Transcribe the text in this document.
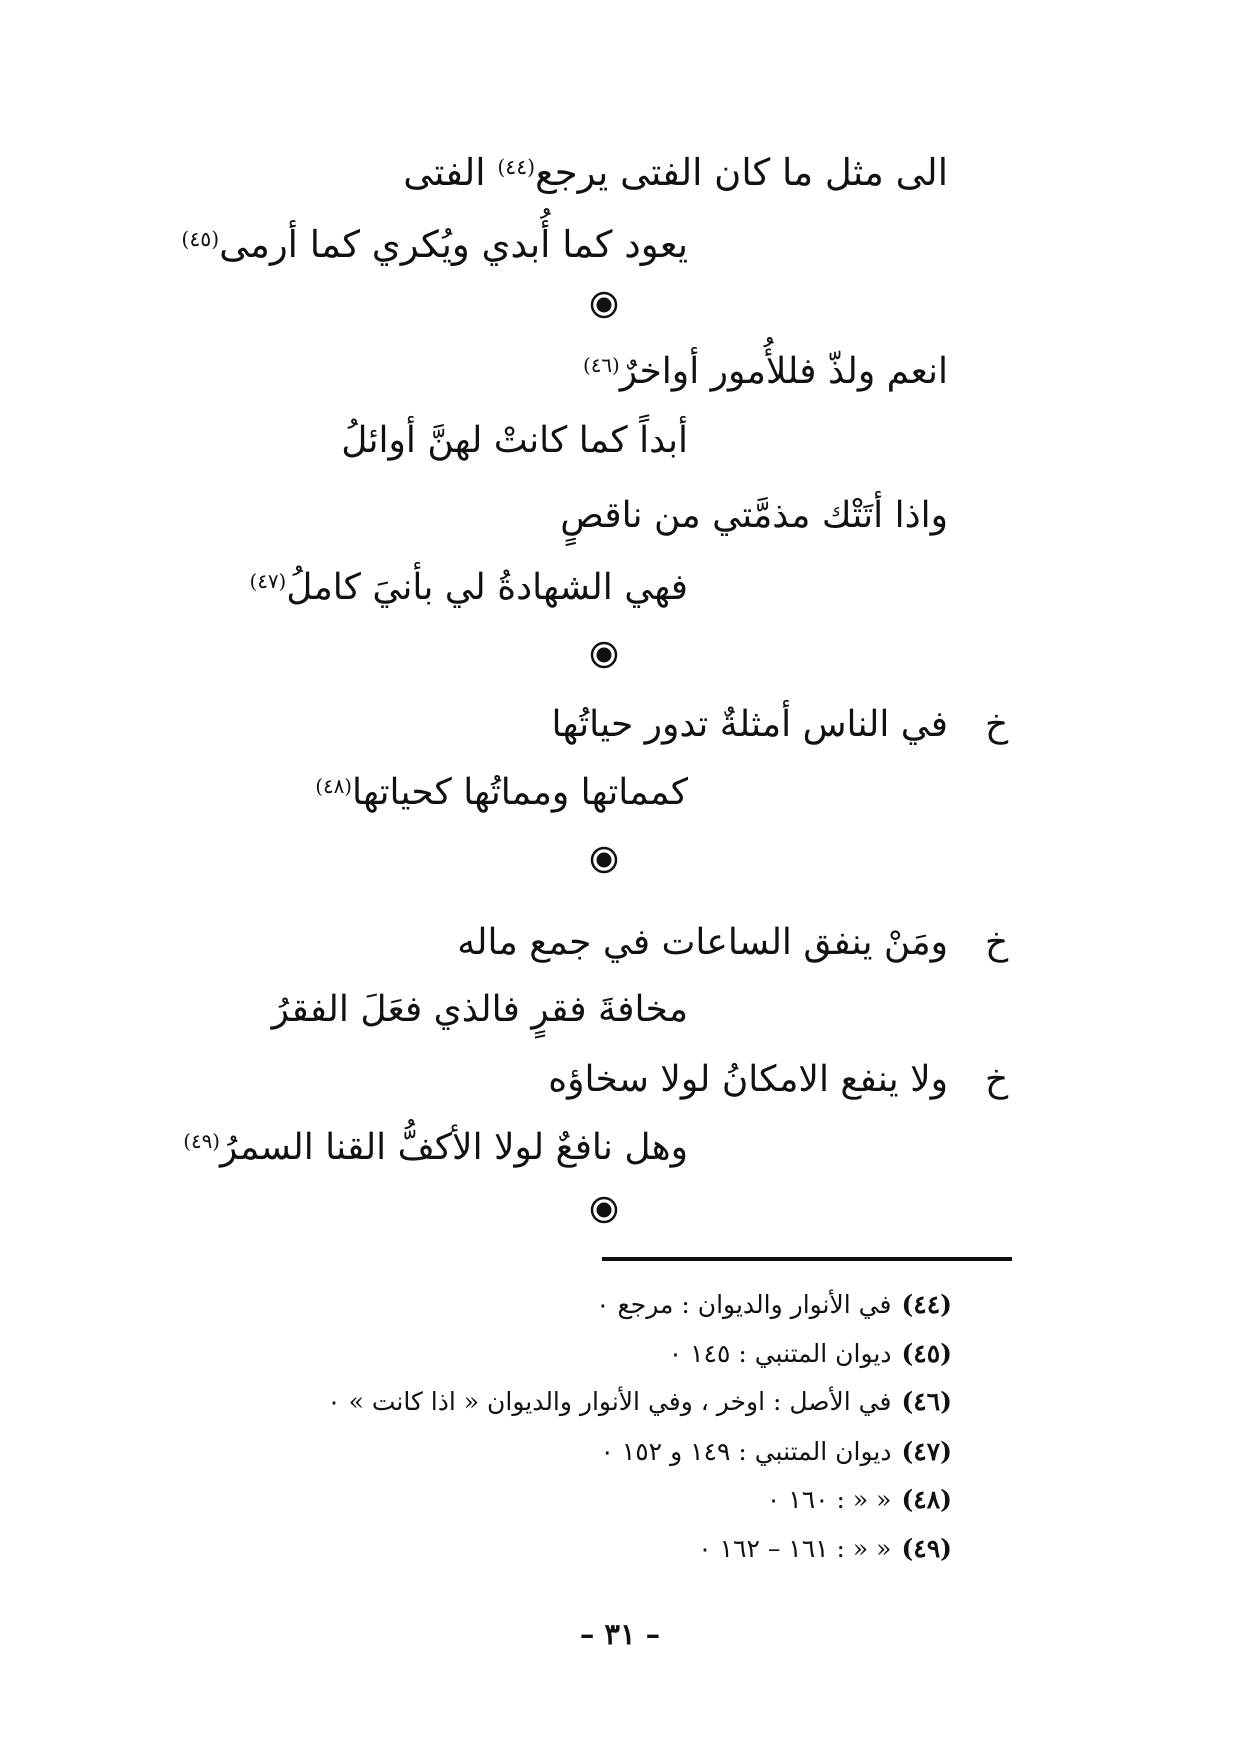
الى مثل ما كان الفتى يرجع$^{(٤٤)}$ الفتى
يعود كما أُبدي ويُكري كما أرمى$^{(٤٥)}$
انعم ولذّ فللأُمور أواخرٌ$^{(٤٦)}$
أبداً كما كانتْ لهنَّ أوائلُ
واذا أتَتْك مذمَّتي من ناقصٍ
فهي الشهادةُ لي بأنيَ كاملُ$^{(٤٧)}$
خ
في الناس أمثلةٌ تدور حياتُها
كمماتها ومماتُها كحياتها$^{(٤٨)}$
خ
ومَنْ ينفق الساعات في جمع ماله
مخافةَ فقرٍ فالذي فعَلَ الفقرُ
خ
ولا ينفع الامكانُ لولا سخاؤه
وهل نافعٌ لولا الأكفُّ القنا السمرُ$^{(٤٩)}$
(٤٤)في الأنوار والديوان : مرجع ٠
(٤٥)ديوان المتنبي : ١٤٥ ٠
(٤٦)في الأصل : اوخر ، وفي الأنوار والديوان « اذا كانت » ٠
(٤٧)ديوان المتنبي : ١٤٩ و ١٥٢ ٠
(٤٨)« « : ١٦٠ ٠
(٤٩)« « : ١٦١ – ١٦٢ ٠
– ٣١ –
